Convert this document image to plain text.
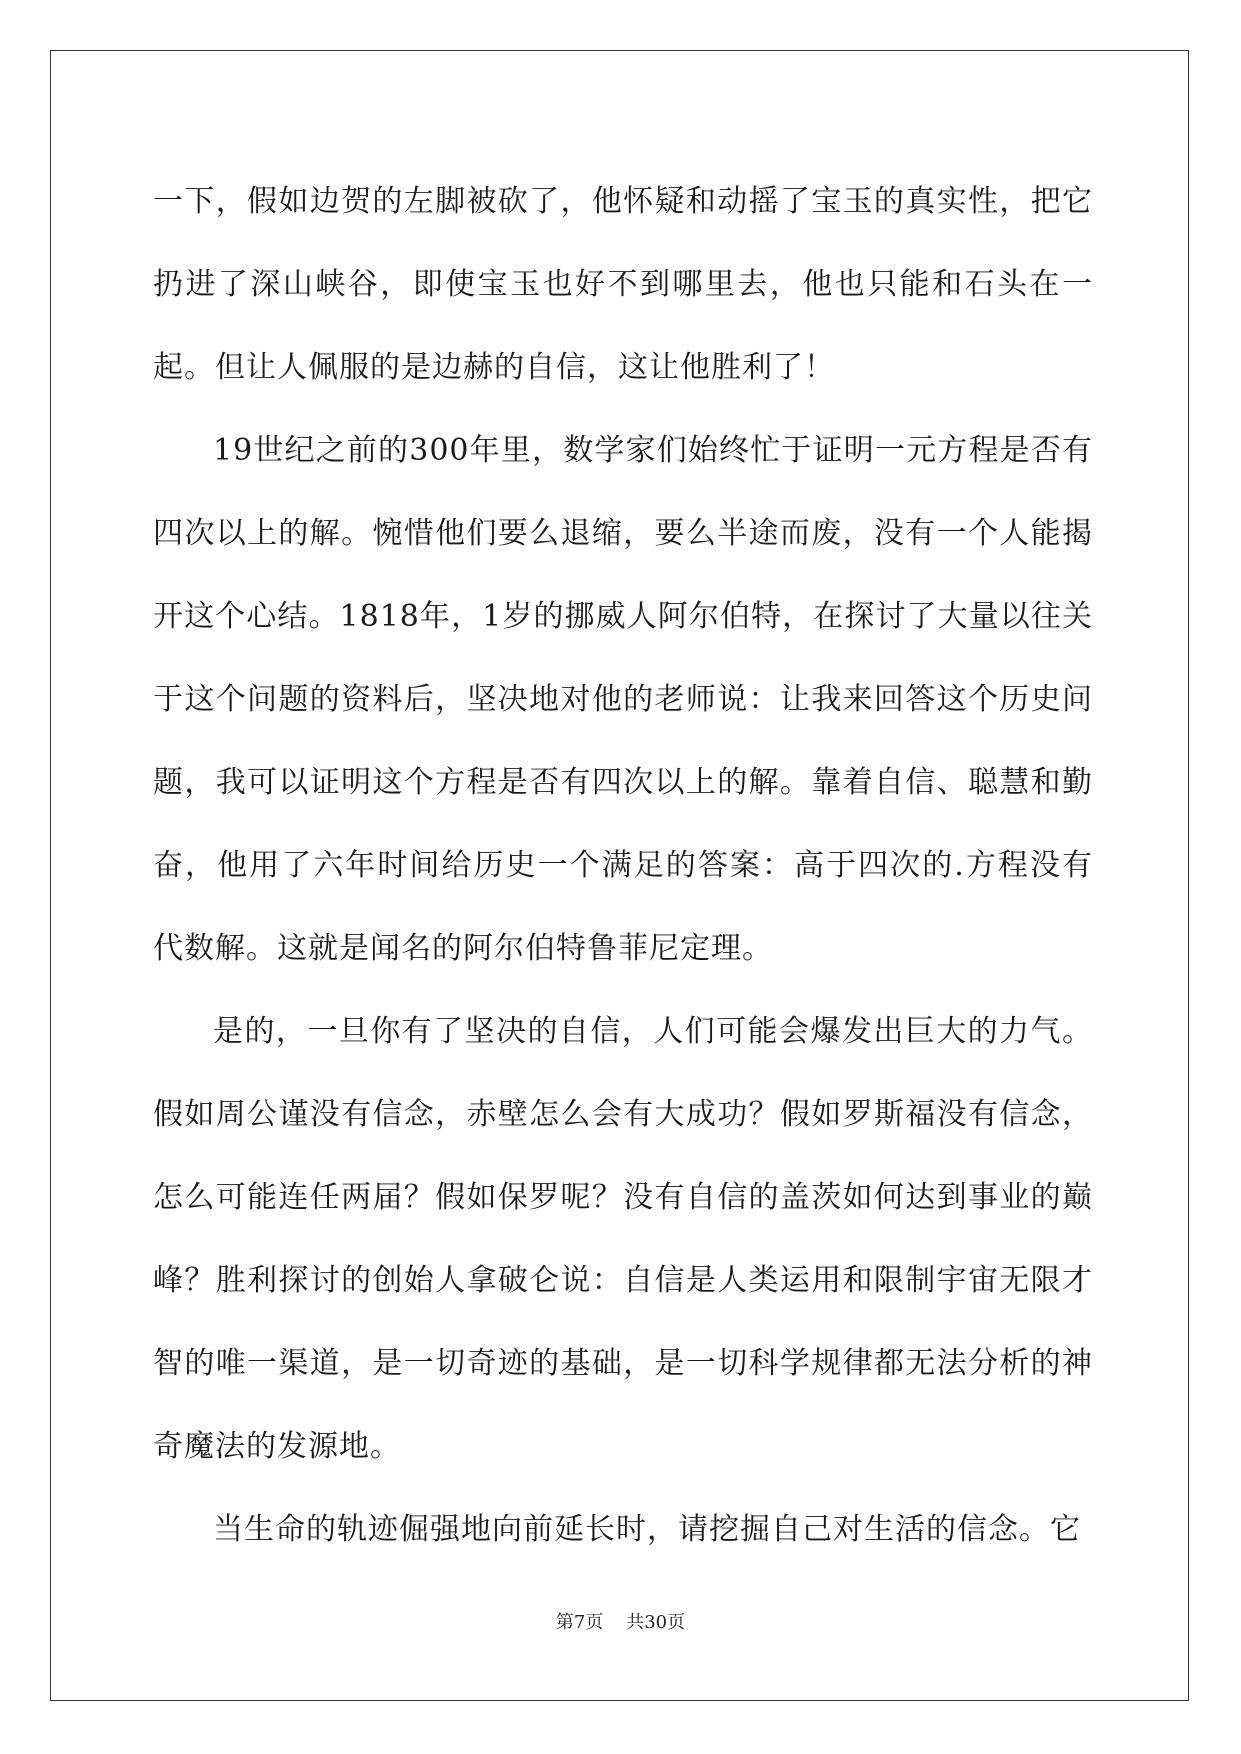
一下，假如边贺的左脚被砍了，他怀疑和动摇了宝玉的真实性，把它扔进了深山峡谷，即使宝玉也好不到哪里去，他也只能和石头在一起。但让人佩服的是边赫的自信，这让他胜利了！

19世纪之前的300年里，数学家们始终忙于证明一元方程是否有四次以上的解。惋惜他们要么退缩，要么半途而废，没有一个人能揭开这个心结。1818年，1岁的挪威人阿尔伯特，在探讨了大量以往关于这个问题的资料后，坚决地对他的老师说：让我来回答这个历史问题，我可以证明这个方程是否有四次以上的解。靠着自信、聪慧和勤奋，他用了六年时间给历史一个满足的答案：高于四次的.方程没有代数解。这就是闻名的阿尔伯特鲁菲尼定理。

是的，一旦你有了坚决的自信，人们可能会爆发出巨大的力气。假如周公谨没有信念，赤壁怎么会有大成功？假如罗斯福没有信念，怎么可能连任两届？假如保罗呢？没有自信的盖茨如何达到事业的巅峰？胜利探讨的创始人拿破仑说：自信是人类运用和限制宇宙无限才智的唯一渠道，是一切奇迹的基础，是一切科学规律都无法分析的神奇魔法的发源地。

当生命的轨迹倔强地向前延长时，请挖掘自己对生活的信念。它

第7页 共30页
